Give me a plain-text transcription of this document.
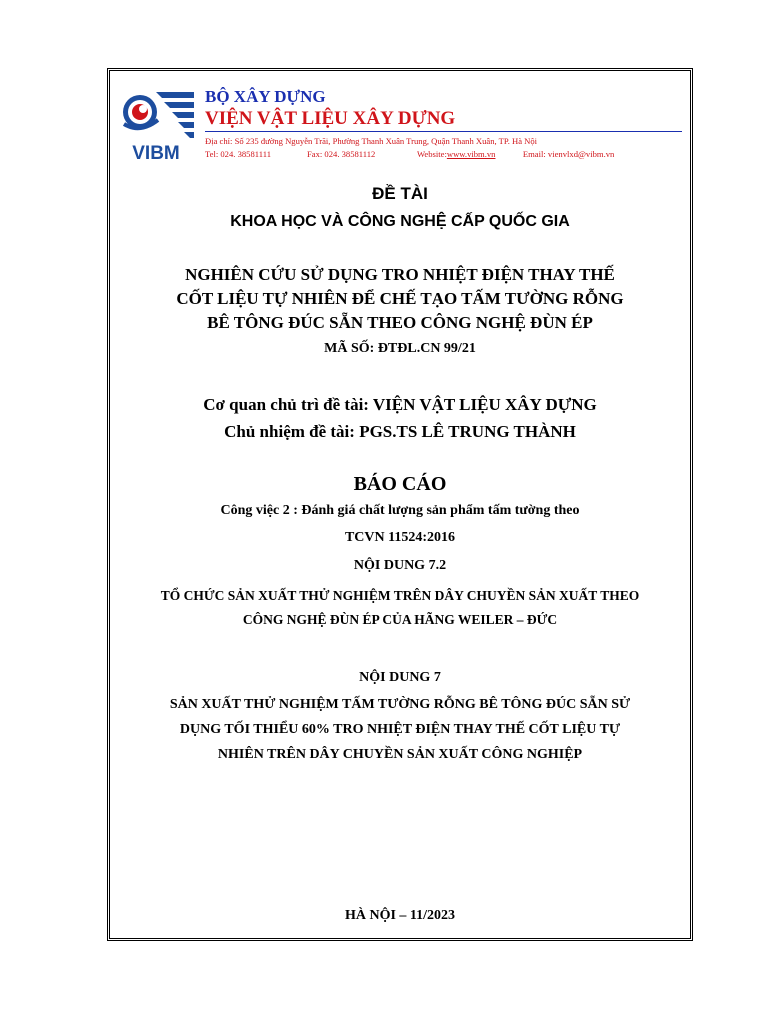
VIBM
BỘ XÂY DỰNG
VIỆN VẬT LIỆU XÂY DỰNG
Địa chỉ: Số 235 đường Nguyễn Trãi, Phường Thanh Xuân Trung, Quận Thanh Xuân, TP. Hà Nội
Tel: 024. 38581111	Fax: 024. 38581112	Website:www.vibm.vn	Email: vienvlxd@vibm.vn
ĐỀ TÀI
KHOA HỌC VÀ CÔNG NGHỆ CẤP QUỐC GIA
NGHIÊN CỨU SỬ DỤNG TRO NHIỆT ĐIỆN THAY THẾ
CỐT LIỆU TỰ NHIÊN ĐỂ CHẾ TẠO TẤM TƯỜNG RỖNG
BÊ TÔNG ĐÚC SẴN THEO CÔNG NGHỆ ĐÙN ÉP
MÃ SỐ: ĐTĐL.CN 99/21
Cơ quan chủ trì đề tài: VIỆN VẬT LIỆU XÂY DỰNG
Chủ nhiệm đề tài: PGS.TS LÊ TRUNG THÀNH
BÁO CÁO
Công việc 2 : Đánh giá chất lượng sản phẩm tấm tường theo
TCVN 11524:2016
NỘI DUNG 7.2
TỔ CHỨC SẢN XUẤT THỬ NGHIỆM TRÊN DÂY CHUYỀN SẢN XUẤT THEO
CÔNG NGHỆ ĐÙN ÉP CỦA HÃNG WEILER – ĐỨC
NỘI DUNG 7
SẢN XUẤT THỬ NGHIỆM TẤM TƯỜNG RỖNG BÊ TÔNG ĐÚC SẴN SỬ
DỤNG TỐI THIỂU 60% TRO NHIỆT ĐIỆN THAY THẾ CỐT LIỆU TỰ
NHIÊN TRÊN DÂY CHUYỀN SẢN XUẤT CÔNG NGHIỆP
HÀ NỘI – 11/2023
